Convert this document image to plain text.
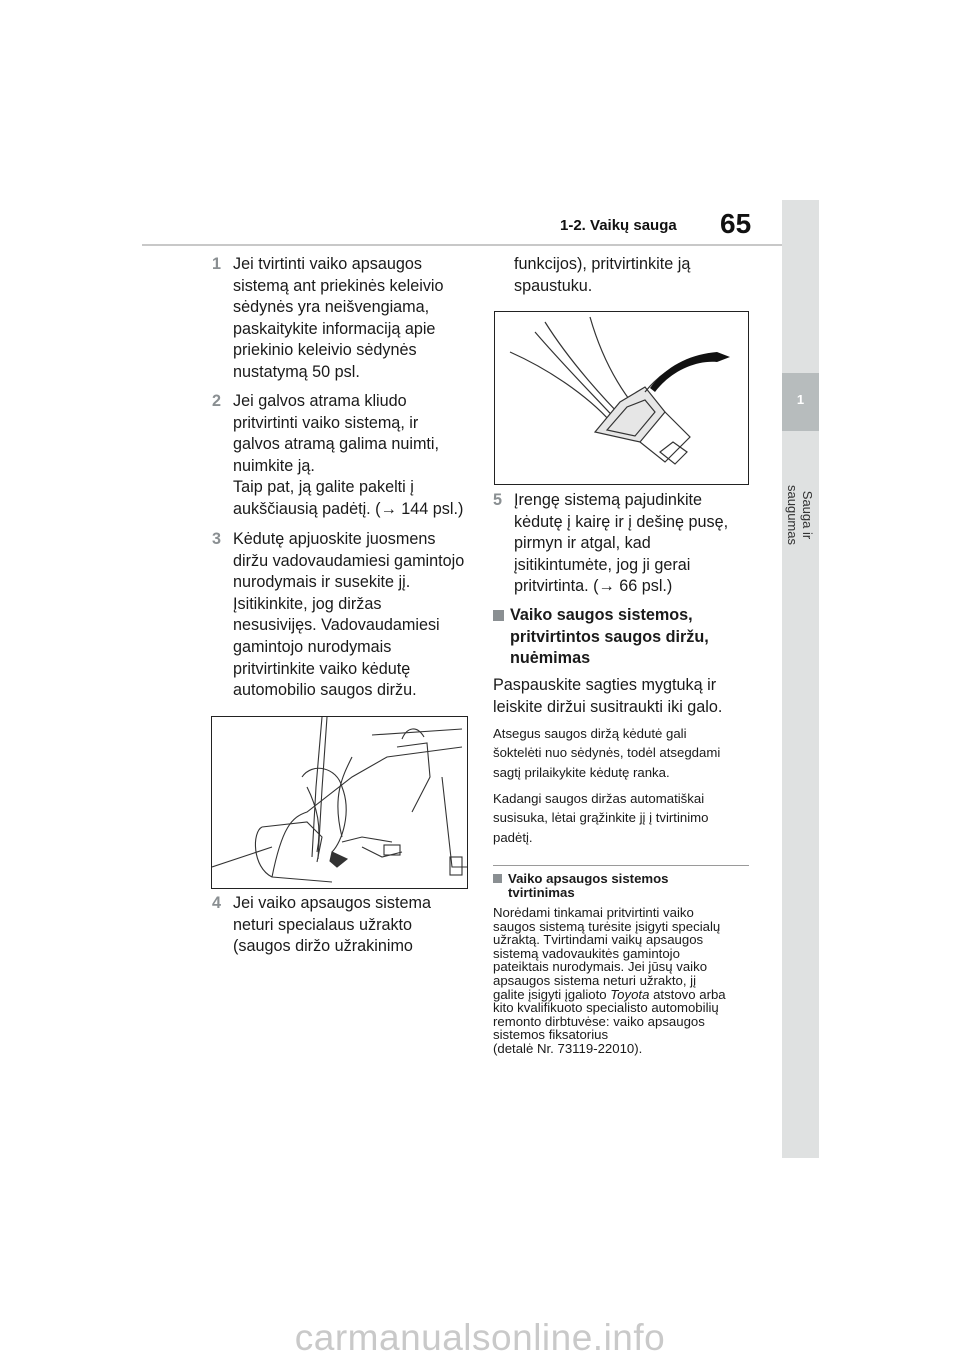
1-2. Vaikų sauga 65
1
Sauga ir saugumas
1 Jei tvirtinti vaiko apsaugos
sistemą ant priekinės keleivio
sėdynės yra neišvengiama,
paskaitykite informaciją apie
priekinio keleivio sėdynės
nustatymą 50 psl.
2 Jei galvos atrama kliudo
pritvirtinti vaiko sistemą, ir
galvos atramą galima nuimti,
nuimkite ją.
Taip pat, ją galite pakelti į
aukščiausią padėtį. (→ 144 psl.)
3 Kėdutę apjuoskite juosmens
diržu vadovaudamiesi gamintojo
nurodymais ir susekite jį.
Įsitikinkite, jog diržas
nesusivijęs. Vadovaudamiesi
gamintojo nurodymais
pritvirtinkite vaiko kėdutę
automobilio saugos diržu.
4 Jei vaiko apsaugos sistema
neturi specialaus užrakto
(saugos diržo užrakinimo
funkcijos), pritvirtinkite ją
spaustuku.
5 Įrengę sistemą pajudinkite
kėdutę į kairę ir į dešinę pusę,
pirmyn ir atgal, kad
įsitikintumėte, jog ji gerai
pritvirtinta. (→ 66 psl.)
Vaiko saugos sistemos,
pritvirtintos saugos diržu,
nuėmimas
Paspauskite sagties mygtuką ir
leiskite diržui susitraukti iki galo.
Atsegus saugos diržą kėdutė gali
šoktelėti nuo sėdynės, todėl atsegdami
sagtį prilaikykite kėdutę ranka.
Kadangi saugos diržas automatiškai
susisuka, lėtai grąžinkite jį į tvirtinimo
padėtį.
Vaiko apsaugos sistemos
tvirtinimas
Norėdami tinkamai pritvirtinti vaiko
saugos sistemą turėsite įsigyti specialų
užraktą. Tvirtindami vaikų apsaugos
sistemą vadovaukitės gamintojo
pateiktais nurodymais. Jei jūsų vaiko
apsaugos sistema neturi užrakto, jį
galite įsigyti įgalioto Toyota atstovo arba
kito kvalifikuoto specialisto automobilių
remonto dirbtuvėse: vaiko apsaugos
sistemos fiksatorius
(detalė Nr. 73119-22010).
carmanualsonline.info
